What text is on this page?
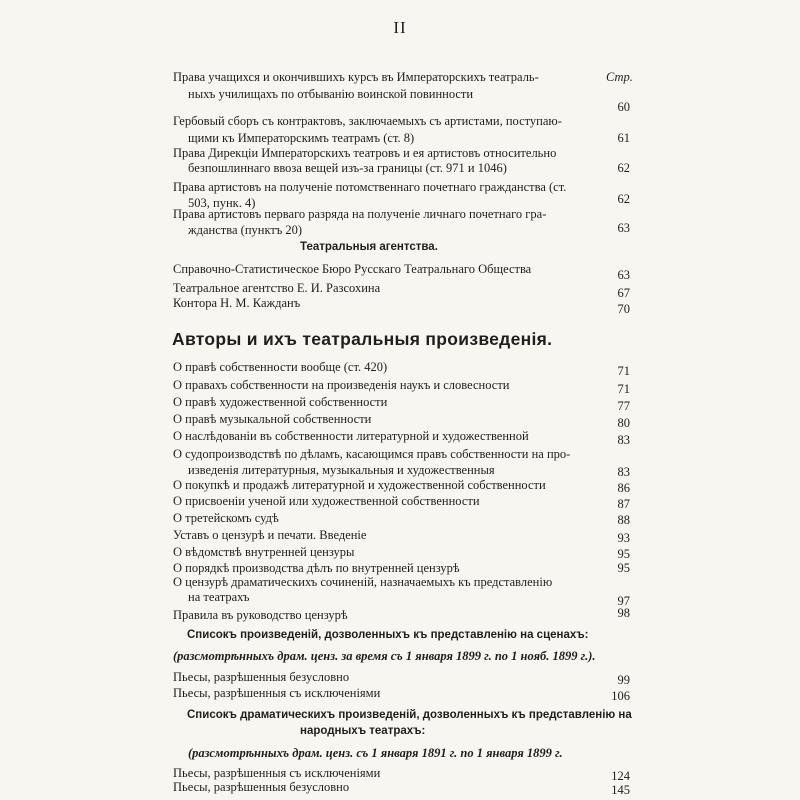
II
Стр.
Права учащихся и окончившихъ курсъ въ Императорскихъ театраль-
ныхъ училищахъ по отбыванію воинской повинности
60
Гербовый сборъ съ контрактовъ, заключаемыхъ съ артистами, поступаю-
щими къ Императорскимъ театрамъ (ст. 8)	61
Права Дирекціи Императорскихъ театровъ и ея артистовъ относительно
безпошлиннаго ввоза вещей изъ-за границы (ст. 971 и 1046)	62
Права артистовъ на полученіе потомственнаго почетнаго гражданства (ст.
503, пунк. 4)	62
Права артистовъ перваго разряда на полученіе личнаго почетнаго гра-
жданства (пунктъ 20)	63
Театральныя агентства.
Справочно-Статистическое Бюро Русскаго Театральнаго Общества	63
Театральное агентство Е. И. Разсохина	67
Контора Н. М. Кажданъ	70
Авторы и ихъ театральныя произведенія.
О правѣ собственности вообще (ст. 420)	71
О правахъ собственности на произведенія наукъ и словесности	71
О правѣ художественной собственности	77
О правѣ музыкальной собственности	80
О наслѣдованіи въ собственности литературной и художественной	83
О судопроизводствѣ по дѣламъ, касающимся правъ собственности на про-
изведенія литературныя, музыкальныя и художественныя	83
О покупкѣ и продажѣ литературной и художественной собственности	86
О присвоеніи ученой или художественной собственности	87
О третейскомъ судѣ	88
Уставъ о цензурѣ и печати. Введеніе	93
О вѣдомствѣ внутренней цензуры	95
О порядкѣ производства дѣлъ по внутренней цензурѣ	95
О цензурѣ драматическихъ сочиненій, назначаемыхъ къ представленію
на театрахъ	97
Правила въ руководство цензурѣ	98
Списокъ произведеній, дозволенныхъ къ представленію на сценахъ:
(разсмотрѣнныхъ драм. ценз. за время съ 1 января 1899 г. по 1 нояб. 1899 г.).
Пьесы, разрѣшенныя безусловно	99
Пьесы, разрѣшенныя съ исключеніями	106
Списокъ драматическихъ произведеній, дозволенныхъ къ представленію на
народныхъ театрахъ:
(разсмотрѣнныхъ драм. ценз. съ 1 января 1891 г. по 1 января 1899 г.
Пьесы, разрѣшенныя съ исключеніями	124
Пьесы, разрѣшенныя безусловно	145
